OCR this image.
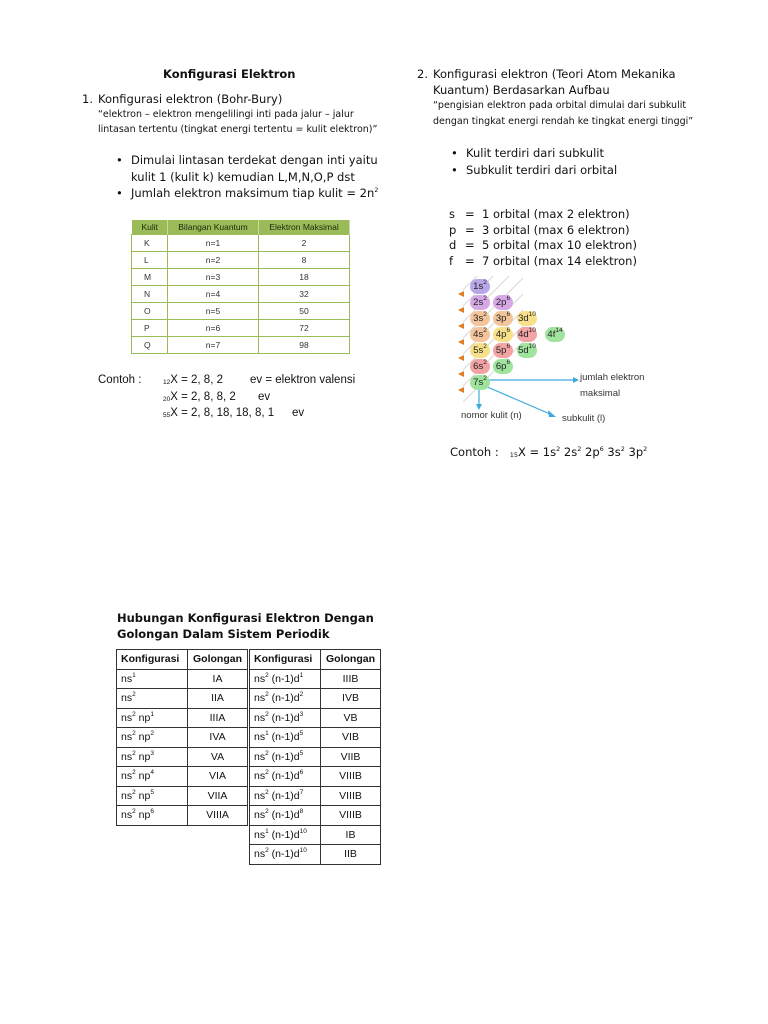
Konfigurasi Elektron
1. Konfigurasi elektron (Bohr-Bury)
“elektron – elektron mengelilingi inti pada jalur – jalur
lintasan tertentu (tingkat energi tertentu = kulit elektron)”
• Dimulai lintasan terdekat dengan inti yaitu
kulit 1 (kulit k) kemudian L,M,N,O,P dst
• Jumlah elektron maksimum tiap kulit = $2n^2$
Kulit	Bilangan Kuantum	Elektron Maksimal
K	n=1	2
L	n=2	8
M	n=3	18
N	n=4	32
O	n=5	50
P	n=6	72
Q	n=7	98
Contoh :	$_{12}$X = 2, 8, 2 ev = elektron valensi
$_{20}$X = 2, 8, 8, 2 ev
$_{55}$X = 2, 8, 18, 18, 8, 1 ev
2. Konfigurasi elektron (Teori Atom Mekanika
Kuantum) Berdasarkan Aufbau
“pengisian elektron pada orbital dimulai dari subkulit
dengan tingkat energi rendah ke tingkat energi tinggi”
• Kulit terdiri dari subkulit
• Subkulit terdiri dari orbital
s = 1 orbital (max 2 elektron)
p = 3 orbital (max 6 elektron)
d = 5 orbital (max 10 elektron)
f = 7 orbital (max 14 elektron)
$1s^2$
$2s^2$ $2p^6$
$3s^2$ $3p^6$ $3d^{10}$
$4s^2$ $4p^6$ $4d^{10}$ $4f^{14}$
$5s^2$ $5p^6$ $5d^{10}$
$6s^2$ $6p^6$
$7s^2$	jumlah elektron
maksimal
nomor kulit (n)	subkulit (l)
Contoh : $_{15}X = 1s^2$ $2s^2$ $2p^6$ $3s^2$ $3p^2$
Hubungan Konfigurasi Elektron Dengan
Golongan Dalam Sistem Periodik
Konfigurasi	Golongan
$ns^1$	IA
$ns^2$	IIA
$ns^2$ $np^1$	IIIA
$ns^2$ $np^2$	IVA
$ns^2$ $np^3$	VA
$ns^2$ $np^4$	VIA
$ns^2$ $np^5$	VIIA
$ns^2$ $np^6$	VIIIA
Konfigurasi	Golongan
$ns^2$ $(n-1)d^1$	IIIB
$ns^2$ $(n-1)d^2$	IVB
$ns^2$ $(n-1)d^3$	VB
$ns^1$ $(n-1)d^5$	VIB
$ns^2$ $(n-1)d^5$	VIIB
$ns^2$ $(n-1)d^6$	VIIIB
$ns^2$ $(n-1)d^7$	VIIIB
$ns^2$ $(n-1)d^8$	VIIIB
$ns^1$ $(n-1)d^{10}$	IB
$ns^2$ $(n-1)d^{10}$	IIB
